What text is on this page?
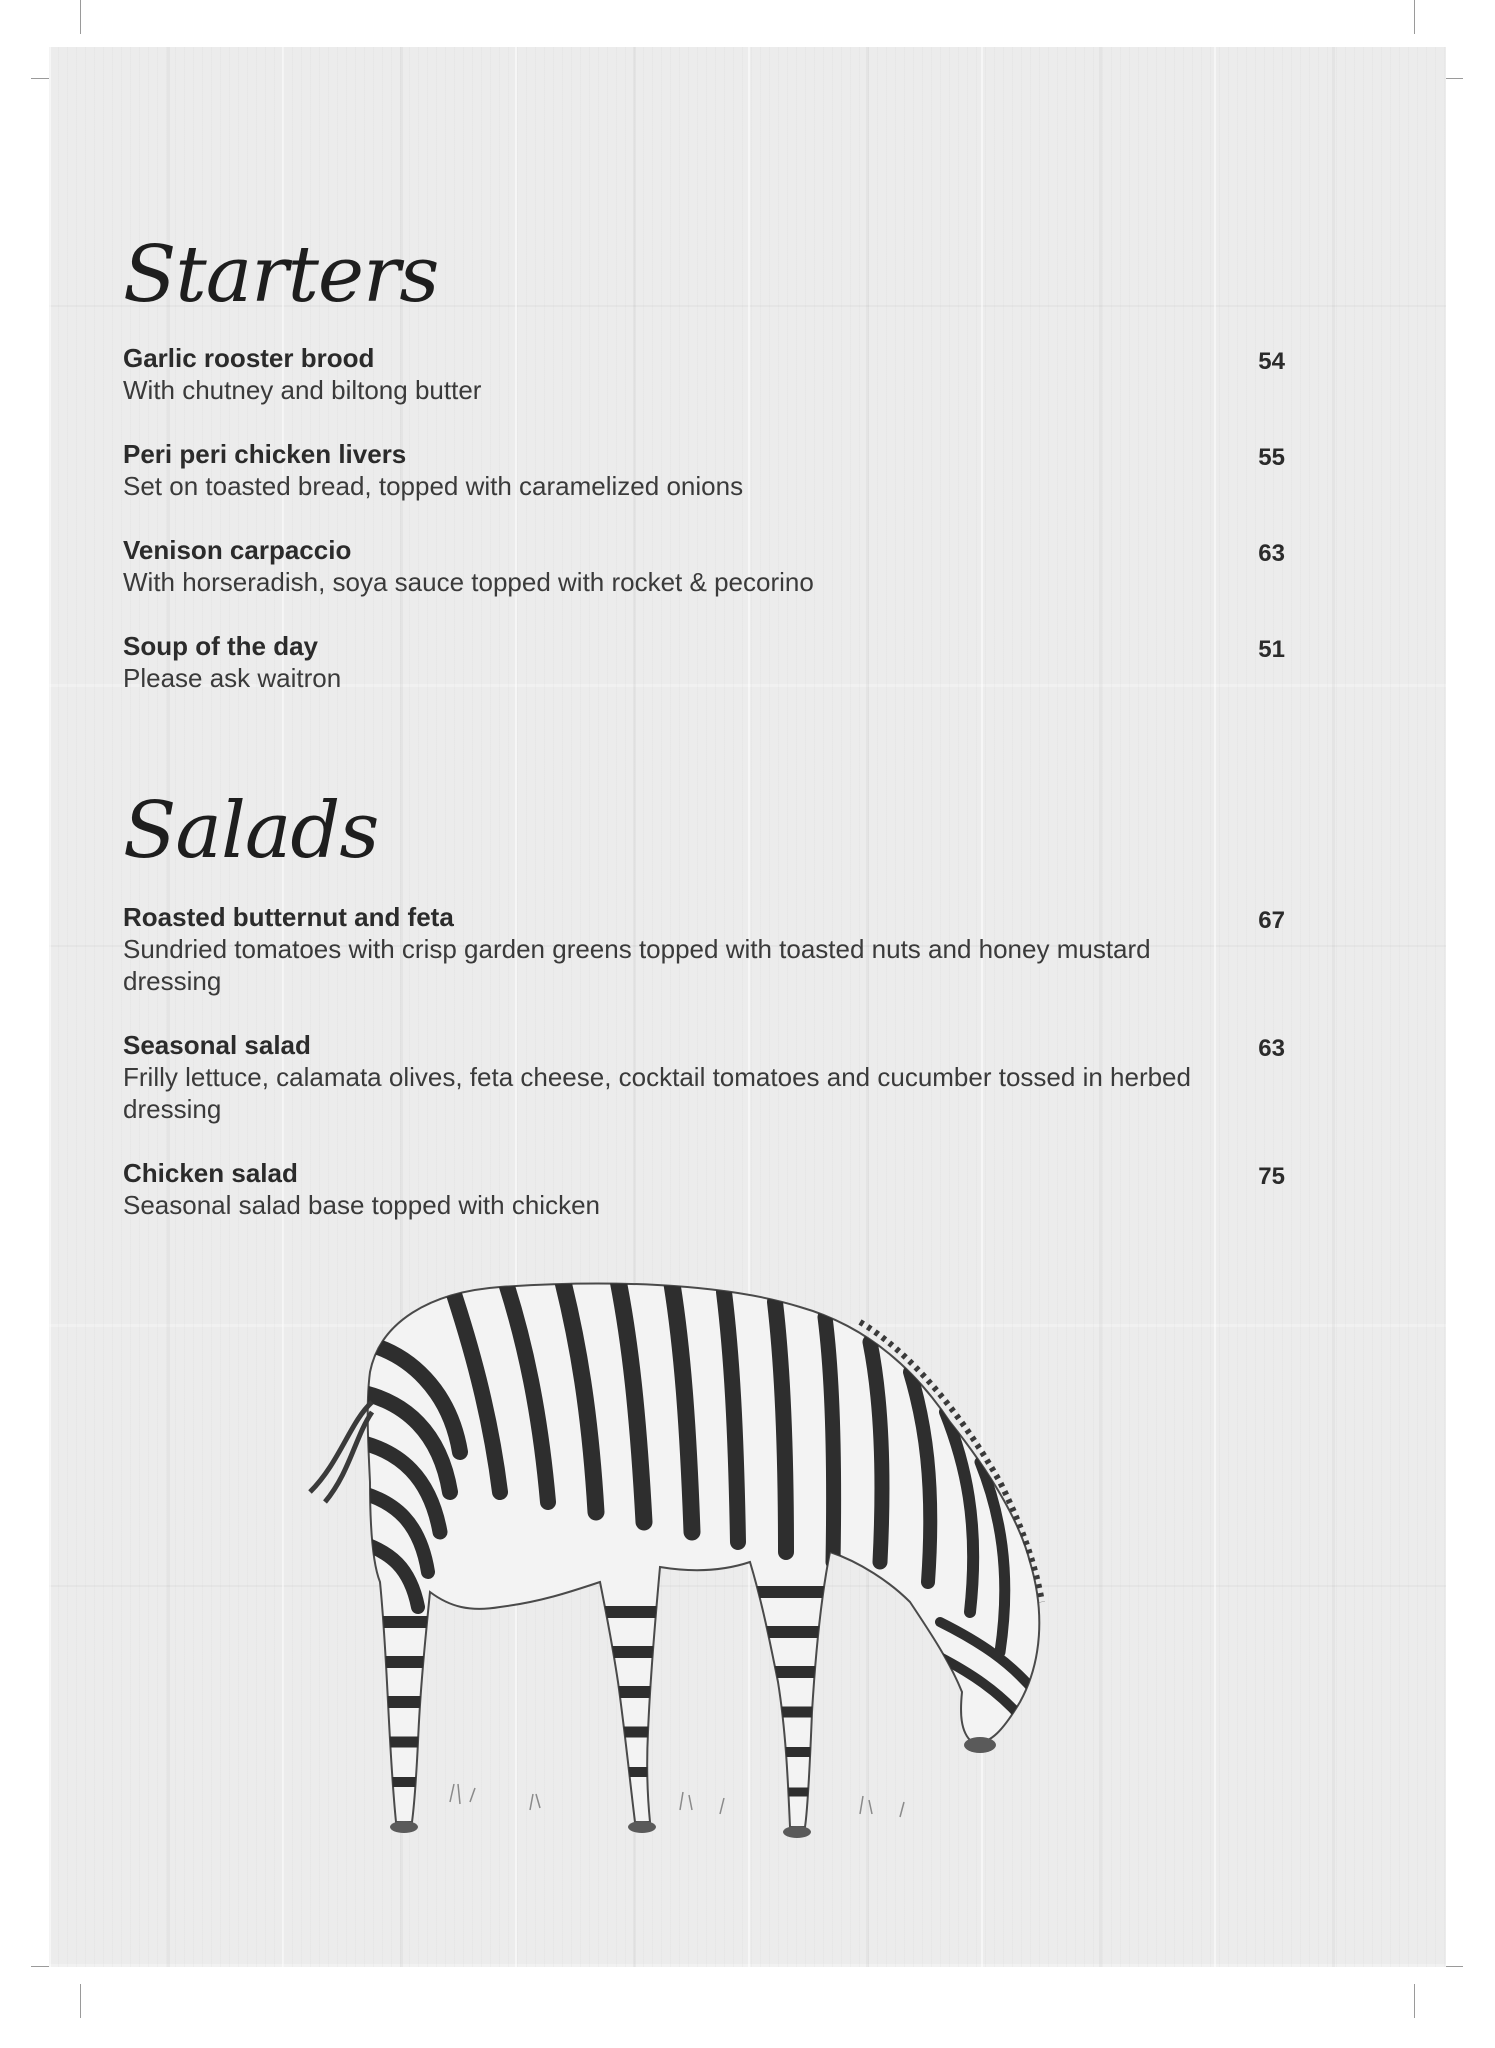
Starters
Garlic rooster brood
With chutney and biltong butter
54
Peri peri chicken livers
Set on toasted bread, topped with caramelized onions
55
Venison carpaccio
With horseradish, soya sauce topped with rocket & pecorino
63
Soup of the day
Please ask waitron
51
Salads
Roasted butternut and feta
Sundried tomatoes with crisp garden greens topped with toasted nuts and honey mustard dressing
67
Seasonal salad
Frilly lettuce, calamata olives, feta cheese, cocktail tomatoes and cucumber tossed in herbed dressing
63
Chicken salad
Seasonal salad base topped with chicken
75
